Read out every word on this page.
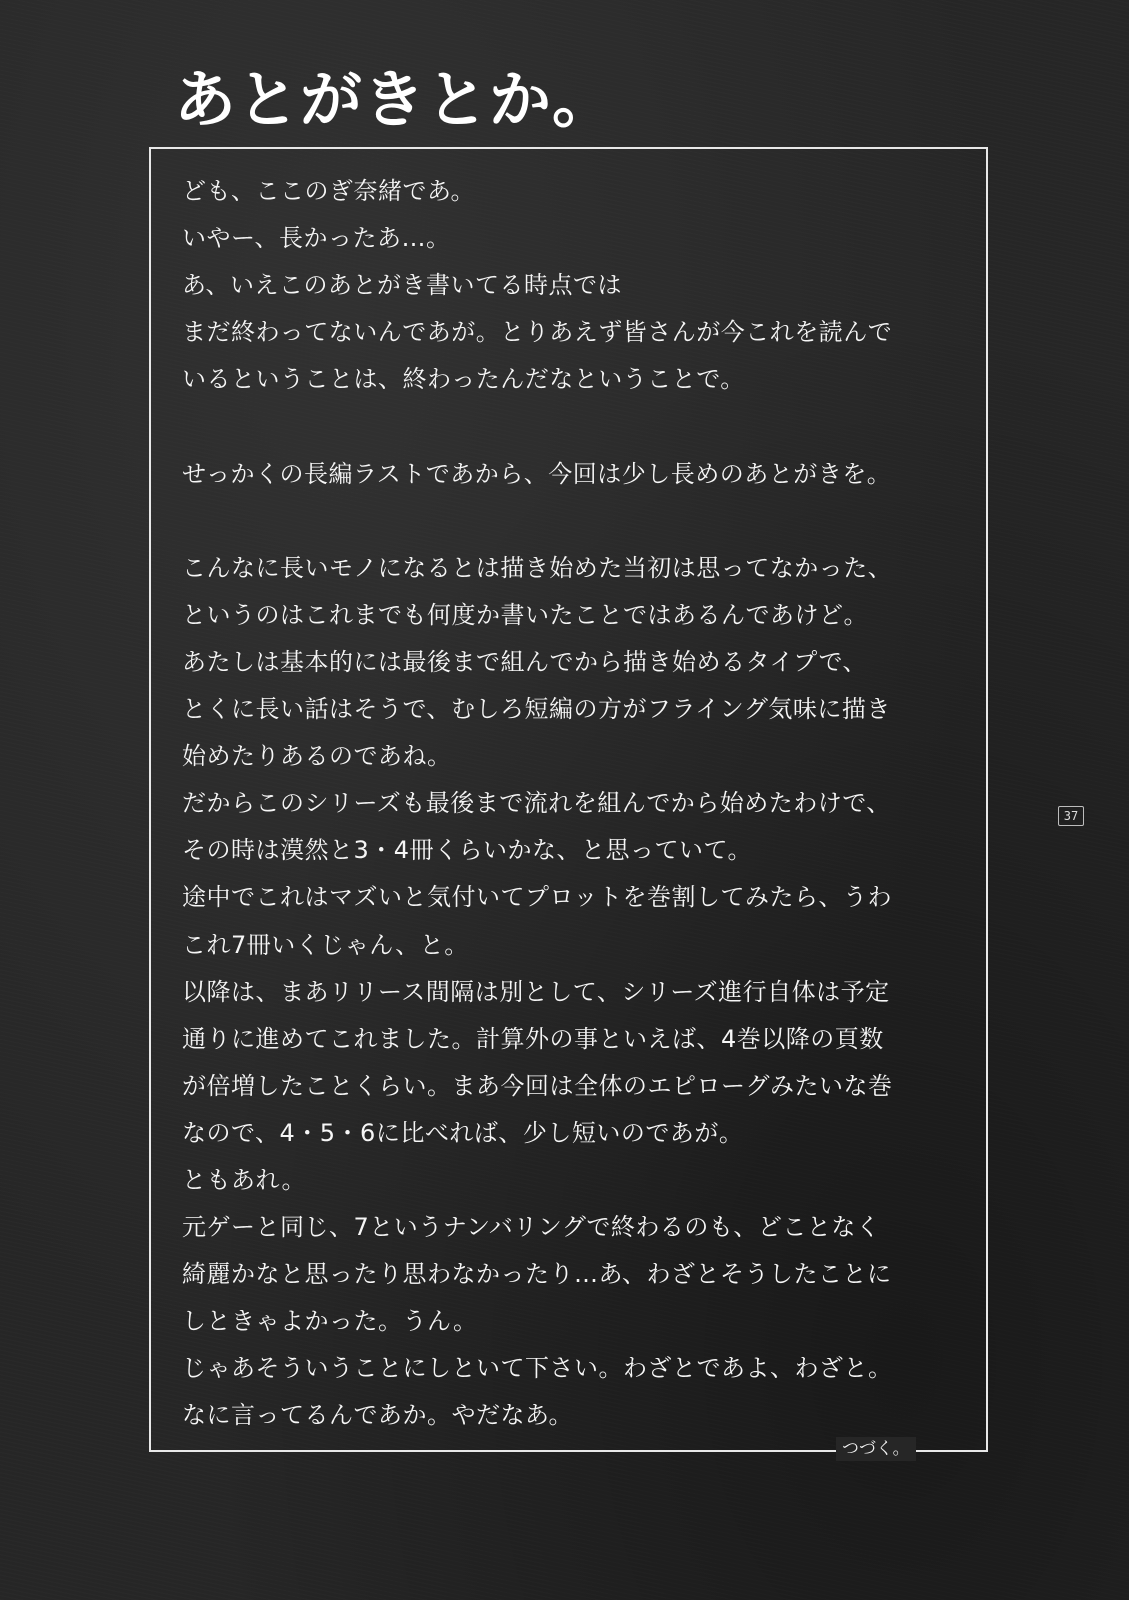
あとがきとか。
ども、ここのぎ奈緒であ。
いやー、長かったあ…。
あ、いえこのあとがき書いてる時点では
まだ終わってないんであが。とりあえず皆さんが今これを読んで
いるということは、終わったんだなということで。
せっかくの長編ラストであから、今回は少し長めのあとがきを。
こんなに長いモノになるとは描き始めた当初は思ってなかった、
というのはこれまでも何度か書いたことではあるんであけど。
あたしは基本的には最後まで組んでから描き始めるタイプで、
とくに長い話はそうで、むしろ短編の方がフライング気味に描き
始めたりあるのであね。
だからこのシリーズも最後まで流れを組んでから始めたわけで、
その時は漠然と3・4冊くらいかな、と思っていて。
途中でこれはマズいと気付いてプロットを巻割してみたら、うわ
これ7冊いくじゃん、と。
以降は、まあリリース間隔は別として、シリーズ進行自体は予定
通りに進めてこれました。計算外の事といえば、4巻以降の頁数
が倍増したことくらい。まあ今回は全体のエピローグみたいな巻
なので、4・5・6に比べれば、少し短いのであが。
ともあれ。
元ゲーと同じ、7というナンバリングで終わるのも、どことなく
綺麗かなと思ったり思わなかったり…あ、わざとそうしたことに
しときゃよかった。うん。
じゃあそういうことにしといて下さい。わざとであよ、わざと。
なに言ってるんであか。やだなあ。
つづく。
37
